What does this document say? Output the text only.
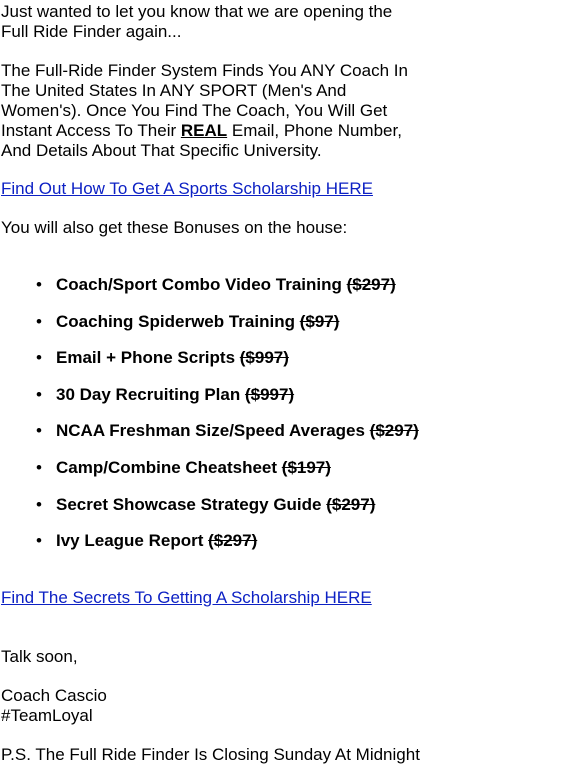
Just wanted to let you know that we are opening the
Full Ride Finder again...

The Full-Ride Finder System Finds You ANY Coach In The United States In ANY SPORT (Men's And Women's). Once You Find The Coach, You Will Get Instant Access To Their REAL Email, Phone Number, And Details About That Specific University.

Find Out How To Get A Sports Scholarship HERE

You will also get these Bonuses on the house:

• Coach/Sport Combo Video Training ($297)
• Coaching Spiderweb Training ($97)
• Email + Phone Scripts ($997)
• 30 Day Recruiting Plan ($997)
• NCAA Freshman Size/Speed Averages ($297)
• Camp/Combine Cheatsheet ($197)
• Secret Showcase Strategy Guide ($297)
• Ivy League Report ($297)

Find The Secrets To Getting A Scholarship HERE

Talk soon,

Coach Cascio
#TeamLoyal

P.S. The Full Ride Finder Is Closing Sunday At Midnight
